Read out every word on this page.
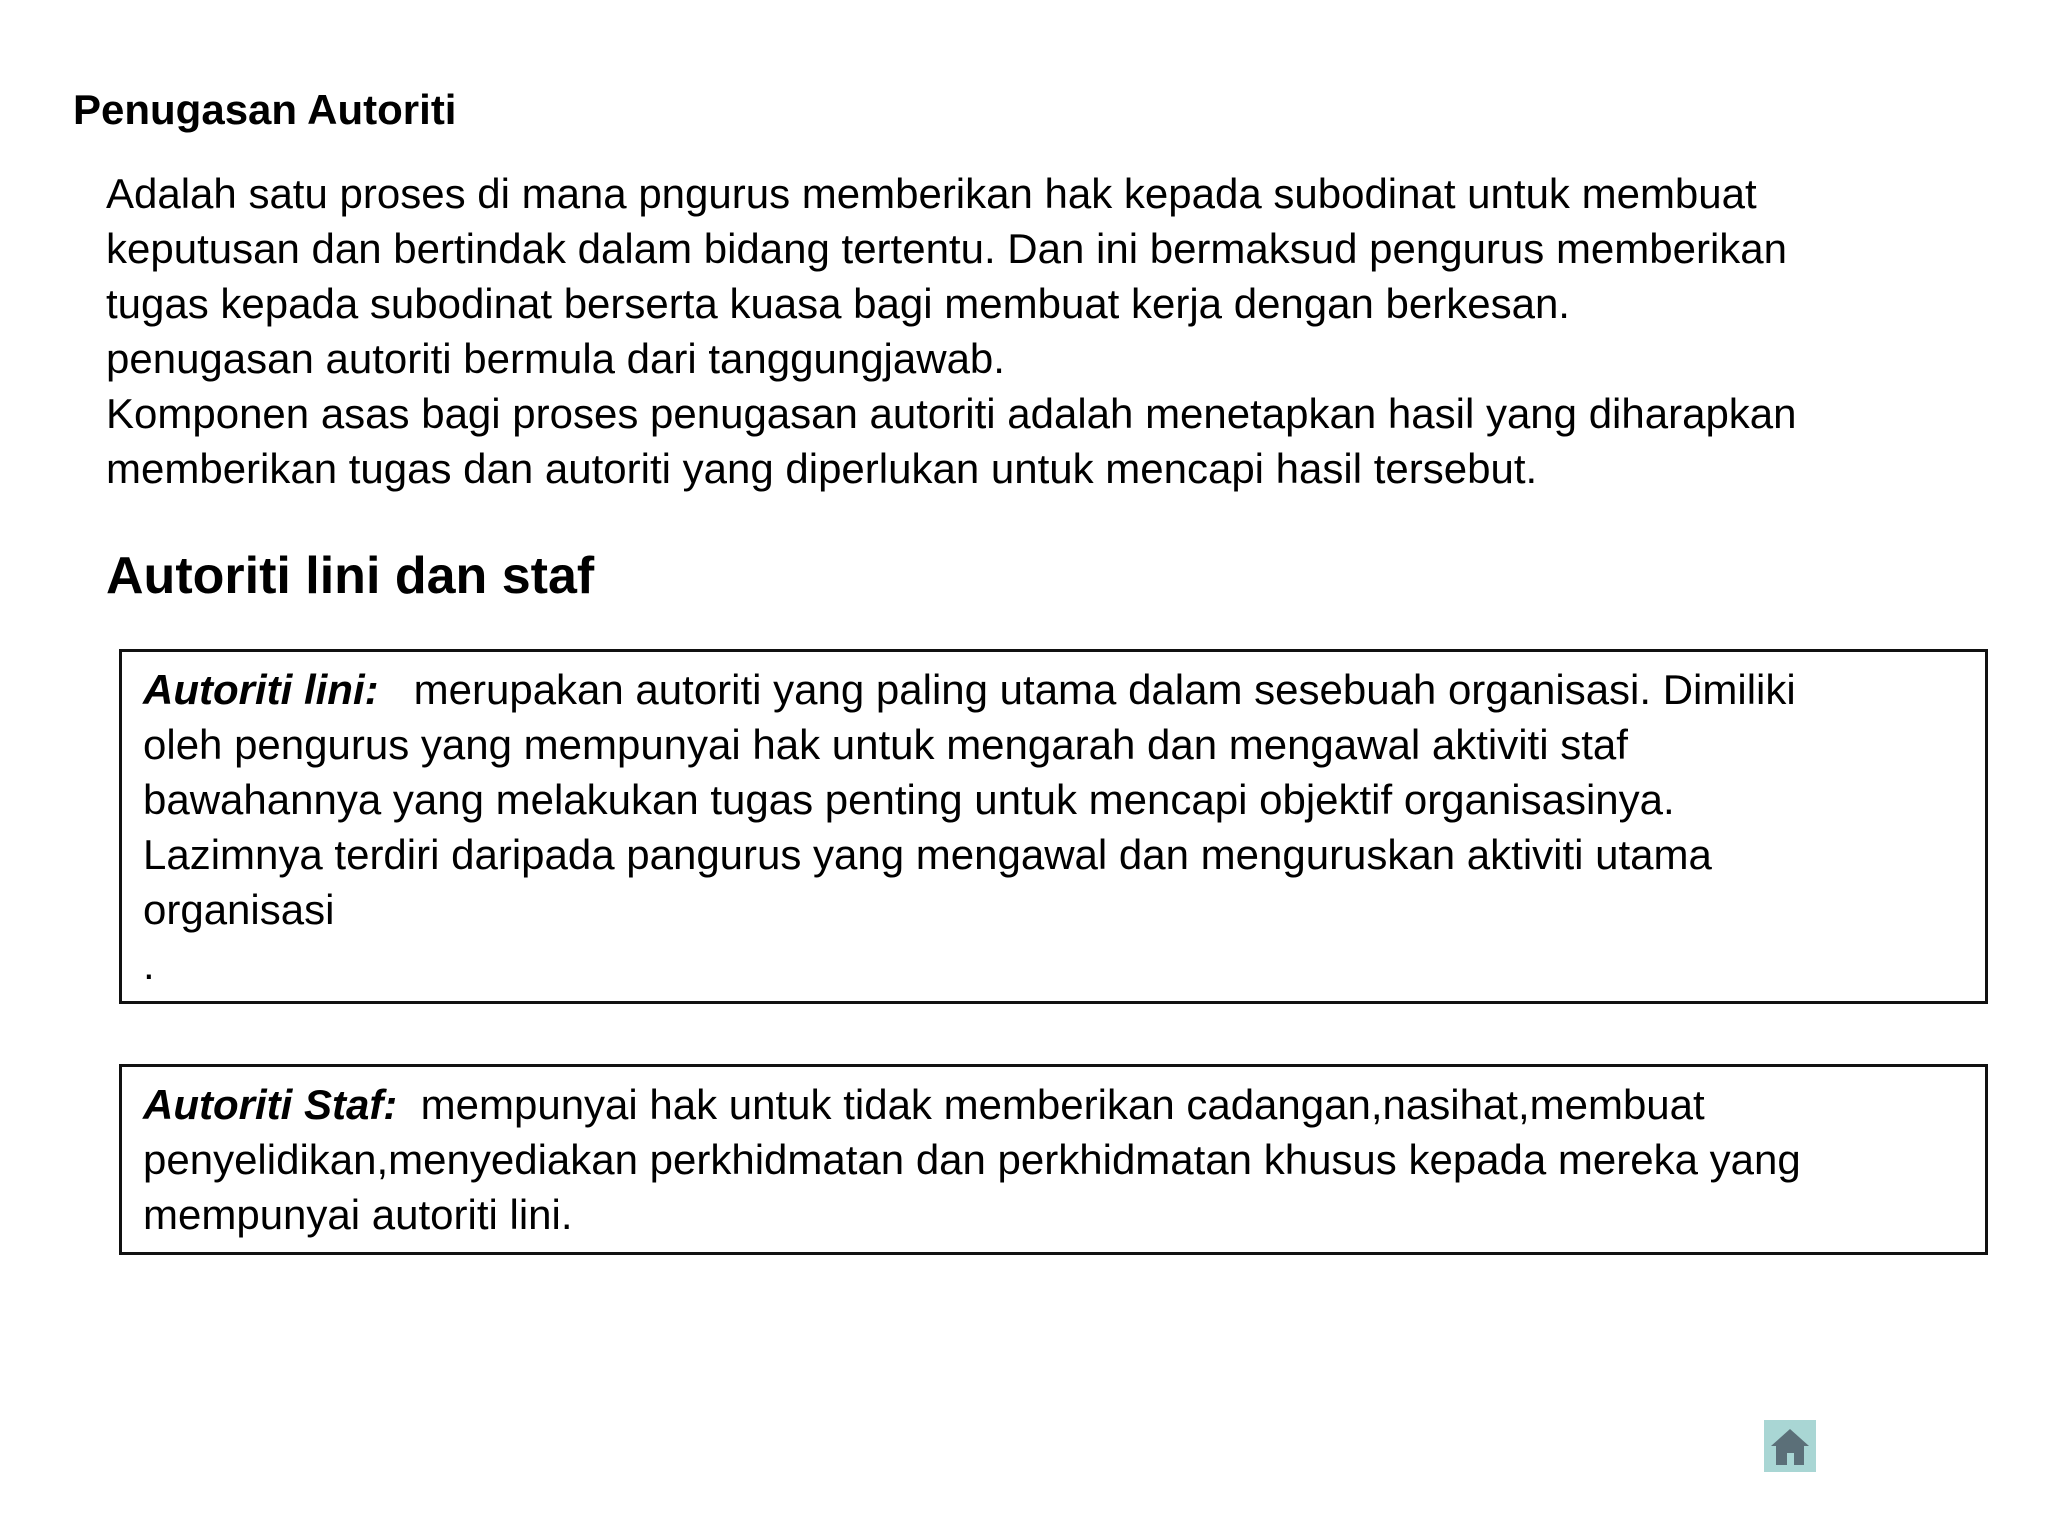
Penugasan Autoriti
Adalah satu proses di mana pngurus memberikan hak kepada subodinat untuk membuat
keputusan dan bertindak dalam bidang tertentu. Dan ini bermaksud pengurus memberikan
tugas kepada subodinat berserta kuasa bagi membuat kerja dengan berkesan.
penugasan autoriti bermula dari tanggungjawab.
Komponen asas bagi proses penugasan autoriti adalah menetapkan hasil yang diharapkan
memberikan tugas dan autoriti yang diperlukan untuk mencapi hasil tersebut.
Autoriti lini dan staf
Autoriti lini: merupakan autoriti yang paling utama dalam sesebuah organisasi. Dimiliki
oleh pengurus yang mempunyai hak untuk mengarah dan mengawal aktiviti staf
bawahannya yang melakukan tugas penting untuk mencapi objektif organisasinya.
Lazimnya terdiri daripada pangurus yang mengawal dan menguruskan aktiviti utama
organisasi
.
Autoriti Staf: mempunyai hak untuk tidak memberikan cadangan,nasihat,membuat
penyelidikan,menyediakan perkhidmatan dan perkhidmatan khusus kepada mereka yang
mempunyai autoriti lini.
